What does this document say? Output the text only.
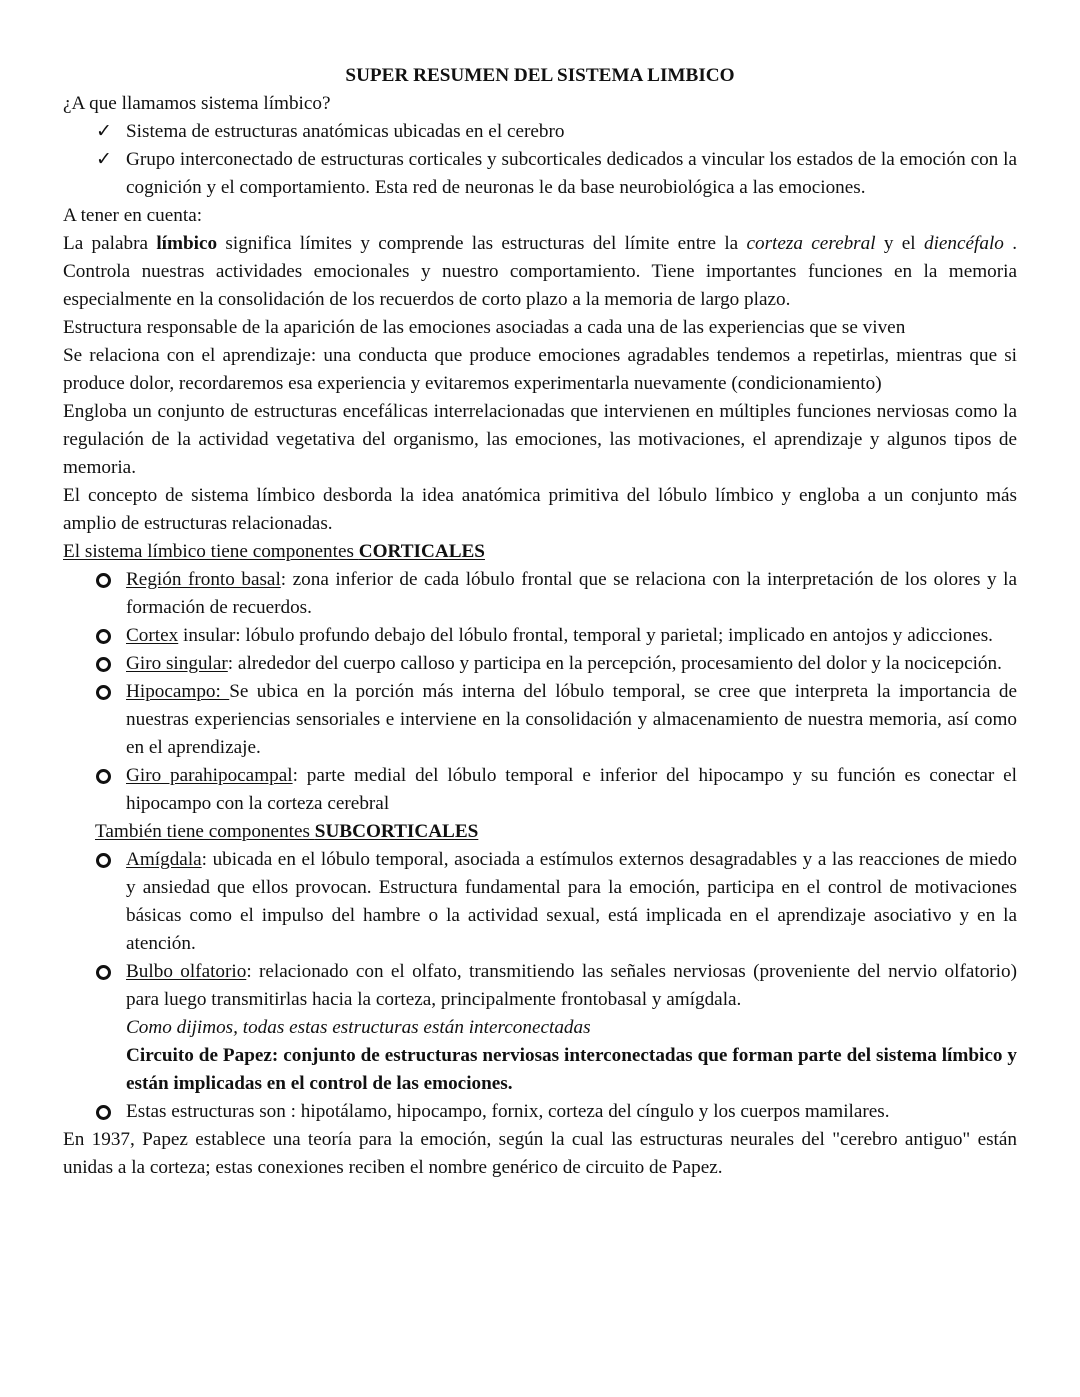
SUPER RESUMEN DEL SISTEMA LIMBICO

¿A que llamamos sistema límbico?

✓ Sistema de estructuras anatómicas ubicadas en el cerebro

✓ Grupo interconectado de estructuras corticales y subcorticales dedicados a vincular los estados de la emoción con la cognición y el comportamiento. Esta red de neuronas le da base neurobiológica a las emociones.

A tener en cuenta:

La palabra límbico significa límites y comprende las estructuras del límite entre la corteza cerebral y el diencéfalo . Controla nuestras actividades emocionales y nuestro comportamiento. Tiene importantes funciones en la memoria especialmente en la consolidación de los recuerdos de corto plazo a la memoria de largo plazo.

Estructura responsable de la aparición de las emociones asociadas a cada una de las experiencias que se viven

Se relaciona con el aprendizaje: una conducta que produce emociones agradables tendemos a repetirlas, mientras que si produce dolor, recordaremos esa experiencia y evitaremos experimentarla nuevamente (condicionamiento)

Engloba un conjunto de estructuras encefálicas interrelacionadas que intervienen en múltiples funciones nerviosas como la regulación de la actividad vegetativa del organismo, las emociones, las motivaciones, el aprendizaje y algunos tipos de memoria.

El concepto de sistema límbico desborda la idea anatómica primitiva del lóbulo límbico y engloba a un conjunto más amplio de estructuras relacionadas.

El sistema límbico tiene componentes CORTICALES

Región fronto basal: zona inferior de cada lóbulo frontal que se relaciona con la interpretación de los olores y la formación de recuerdos.

Cortex insular: lóbulo profundo debajo del lóbulo frontal, temporal y parietal; implicado en antojos y adicciones.

Giro singular: alrededor del cuerpo calloso y participa en la percepción, procesamiento del dolor y la nocicepción.

Hipocampo: Se ubica en la porción más interna del lóbulo temporal, se cree que interpreta la importancia de nuestras experiencias sensoriales e interviene en la consolidación y almacenamiento de nuestra memoria, así como en el aprendizaje.

Giro parahipocampal: parte medial del lóbulo temporal e inferior del hipocampo y su función es conectar el hipocampo con la corteza cerebral

También tiene componentes SUBCORTICALES

Amígdala: ubicada en el lóbulo temporal, asociada a estímulos externos desagradables y a las reacciones de miedo y ansiedad que ellos provocan. Estructura fundamental para la emoción, participa en el control de motivaciones básicas como el impulso del hambre o la actividad sexual, está implicada en el aprendizaje asociativo y en la atención.

Bulbo olfatorio: relacionado con el olfato, transmitiendo las señales nerviosas (proveniente del nervio olfatorio) para luego transmitirlas hacia la corteza, principalmente frontobasal y amígdala.

Como dijimos, todas estas estructuras están interconectadas

Circuito de Papez: conjunto de estructuras nerviosas interconectadas que forman parte del sistema límbico y están implicadas en el control de las emociones.

Estas estructuras son : hipotálamo, hipocampo, fornix, corteza del cíngulo y los cuerpos mamilares.

En 1937, Papez establece una teoría para la emoción, según la cual las estructuras neurales del "cerebro antiguo" están unidas a la corteza; estas conexiones reciben el nombre genérico de circuito de Papez.
